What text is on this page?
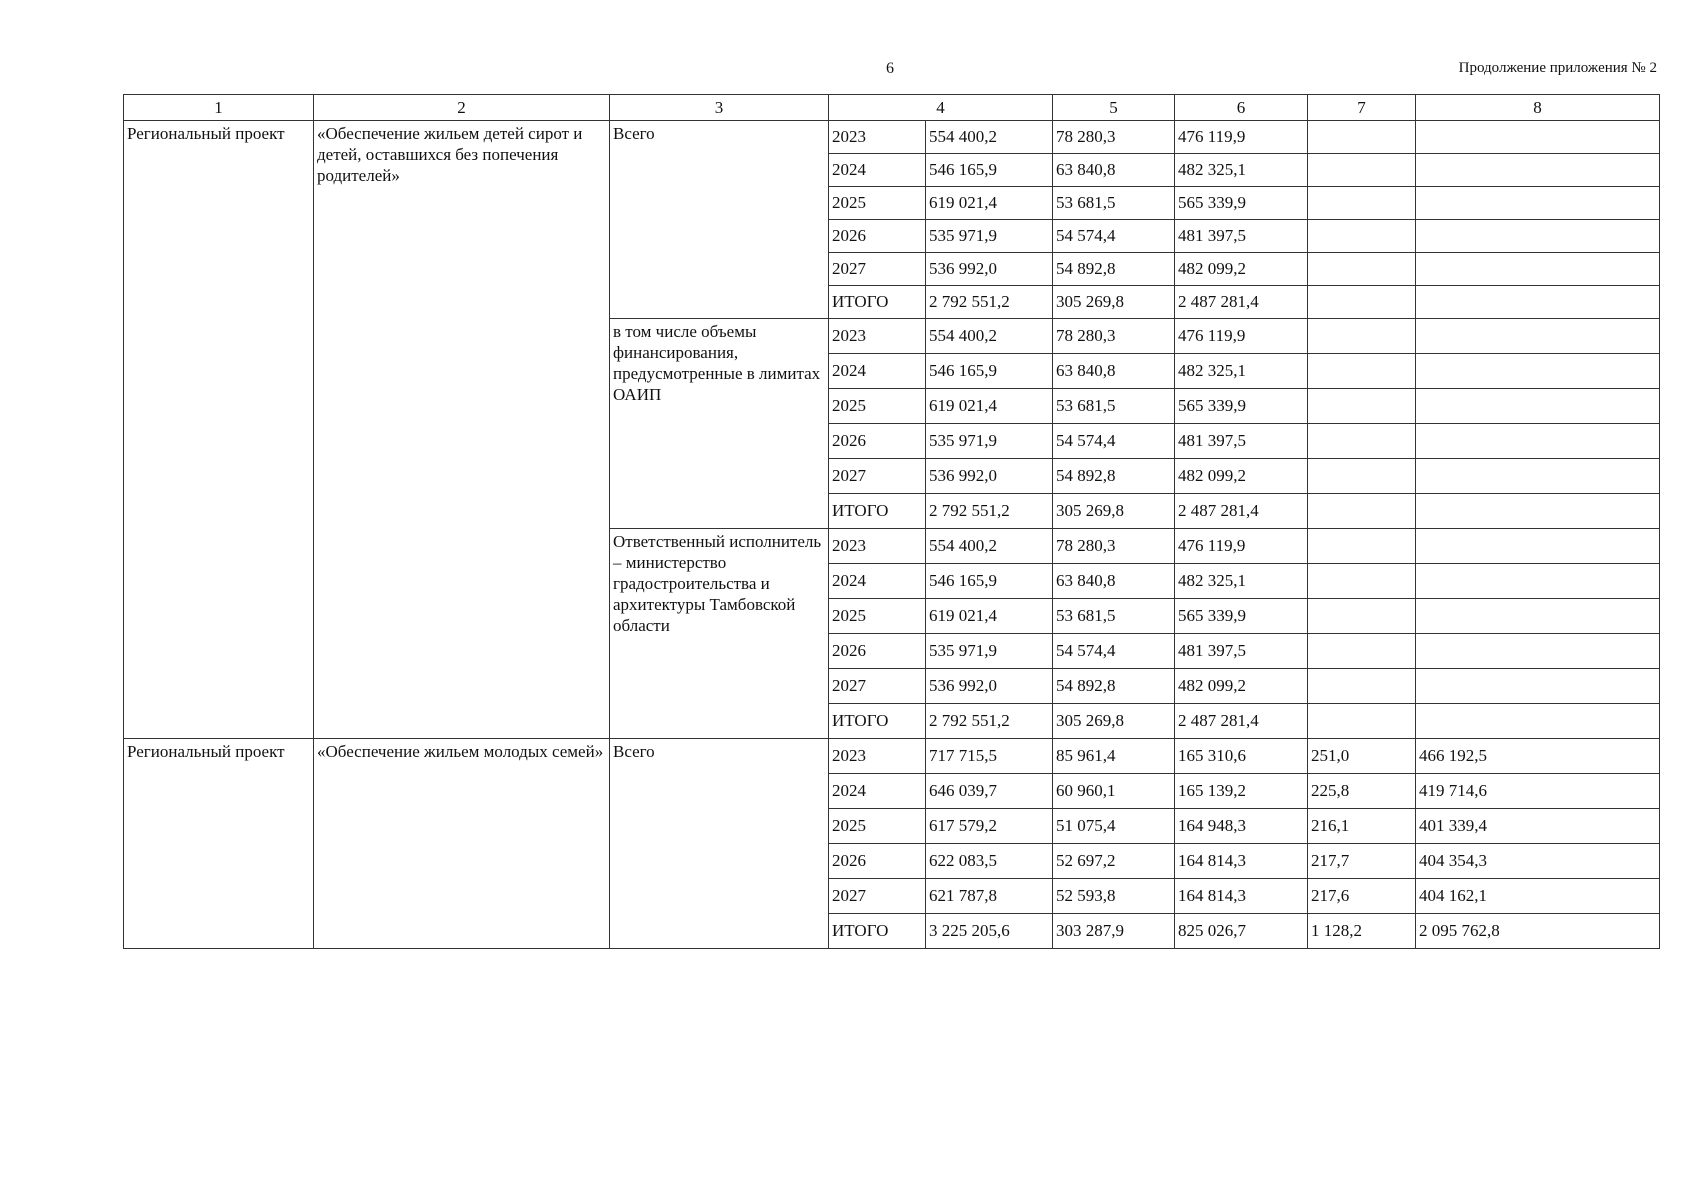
6	Продолжение приложения № 2
1	2	3	4		5	6	7	8
Региональный проект	«Обеспечение жильем детей сирот и детей, оставшихся без попечения родителей»	Всего	2023	554 400,2	78 280,3	476 119,9		
			2024	546 165,9	63 840,8	482 325,1		
			2025	619 021,4	53 681,5	565 339,9		
			2026	535 971,9	54 574,4	481 397,5		
			2027	536 992,0	54 892,8	482 099,2		
			ИТОГО	2 792 551,2	305 269,8	2 487 281,4		
		в том числе объемы финансирования, предусмотренные в лимитах ОАИП	2023	554 400,2	78 280,3	476 119,9		
			2024	546 165,9	63 840,8	482 325,1		
			2025	619 021,4	53 681,5	565 339,9		
			2026	535 971,9	54 574,4	481 397,5		
			2027	536 992,0	54 892,8	482 099,2		
			ИТОГО	2 792 551,2	305 269,8	2 487 281,4		
		Ответственный исполнитель – министерство градостроительства и архитектуры Тамбовской области	2023	554 400,2	78 280,3	476 119,9		
			2024	546 165,9	63 840,8	482 325,1		
			2025	619 021,4	53 681,5	565 339,9		
			2026	535 971,9	54 574,4	481 397,5		
			2027	536 992,0	54 892,8	482 099,2		
			ИТОГО	2 792 551,2	305 269,8	2 487 281,4		
Региональный проект	«Обеспечение жильем молодых семей»	Всего	2023	717 715,5	85 961,4	165 310,6	251,0	466 192,5
			2024	646 039,7	60 960,1	165 139,2	225,8	419 714,6
			2025	617 579,2	51 075,4	164 948,3	216,1	401 339,4
			2026	622 083,5	52 697,2	164 814,3	217,7	404 354,3
			2027	621 787,8	52 593,8	164 814,3	217,6	404 162,1
			ИТОГО	3 225 205,6	303 287,9	825 026,7	1 128,2	2 095 762,8
